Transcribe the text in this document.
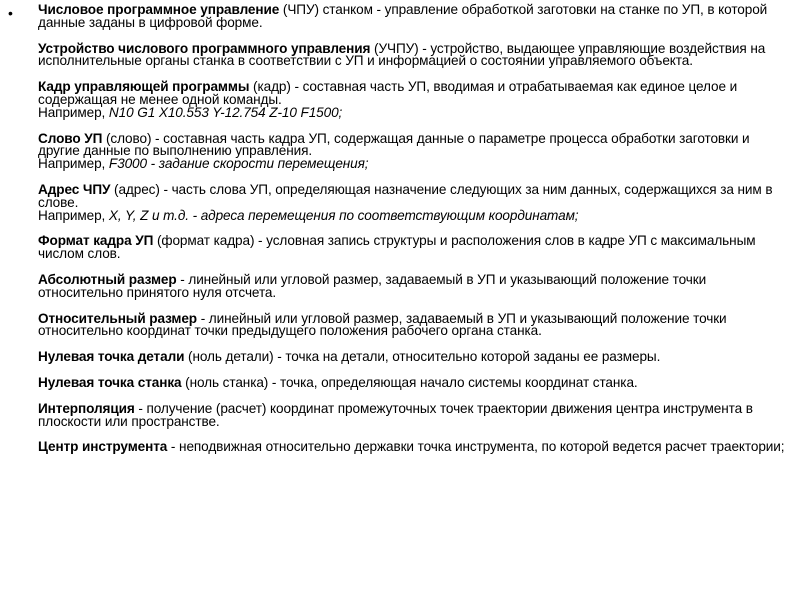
• Числовое программное управление (ЧПУ) станком - управление обработкой заготовки на станке по УП, в которой данные заданы в цифровой форме.

Устройство числового программного управления (УЧПУ) - устройство, выдающее управляющие воздействия на исполнительные органы станка в соответствии с УП и информацией о состоянии управляемого объекта.

Кадр управляющей программы (кадр) - составная часть УП, вводимая и отрабатываемая как единое целое и содержащая не менее одной команды.
Например, N10 G1 X10.553 Y-12.754 Z-10 F1500;

Слово УП (слово) - составная часть кадра УП, содержащая данные о параметре процесса обработки заготовки и другие данные по выполнению управления.
Например, F3000 - задание скорости перемещения;

Адрес ЧПУ (адрес) - часть слова УП, определяющая назначение следующих за ним данных, содержащихся за ним в слове.
Например, X, Y, Z и т.д. - адреса перемещения по соответствующим координатам;

Формат кадра УП (формат кадра) - условная запись структуры и расположения слов в кадре УП с максимальным числом слов.

Абсолютный размер - линейный или угловой размер, задаваемый в УП и указывающий положение точки относительно принятого нуля отсчета.

Относительный размер - линейный или угловой размер, задаваемый в УП и указывающий положение точки относительно координат точки предыдущего положения рабочего органа станка.

Нулевая точка детали (ноль детали) - точка на детали, относительно которой заданы ее размеры.

Нулевая точка станка (ноль станка) - точка, определяющая начало системы координат станка.

Интерполяция - получение (расчет) координат промежуточных точек траектории движения центра инструмента в плоскости или пространстве.

Центр инструмента - неподвижная относительно державки точка инструмента, по которой ведется расчет траектории;
